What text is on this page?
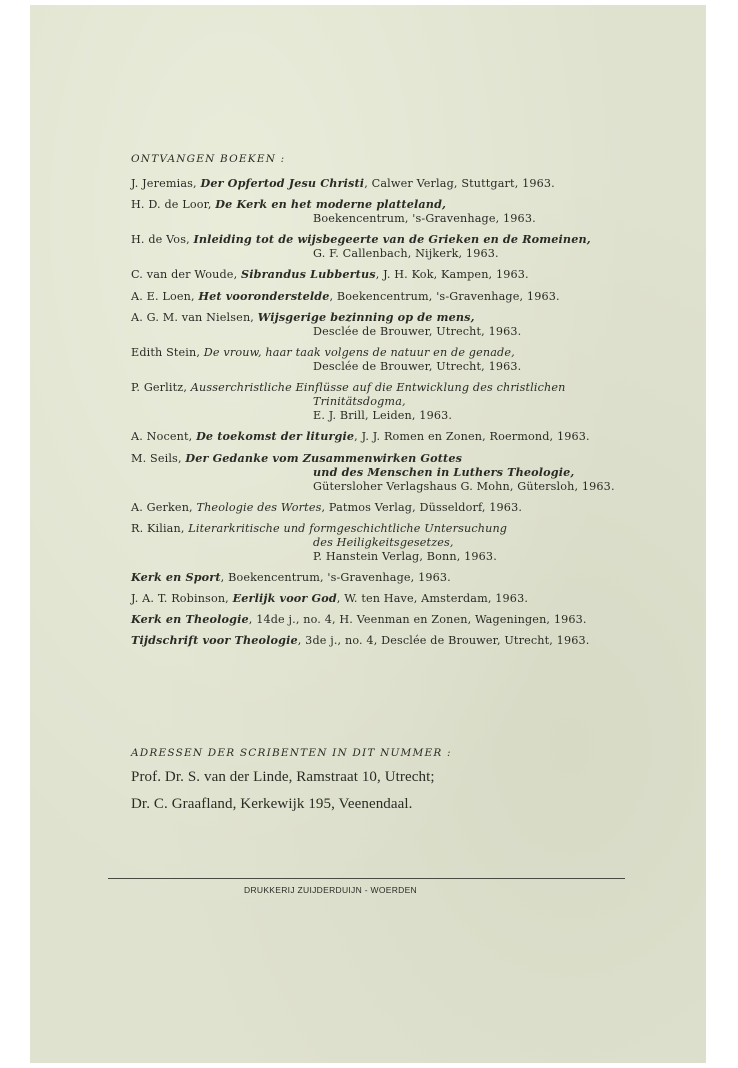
ONTVANGEN BOEKEN :
J. Jeremias, Der Opfertod Jesu Christi, Calwer Verlag, Stuttgart, 1963.
H. D. de Loor, De Kerk en het moderne platteland,
Boekencentrum, 's-Gravenhage, 1963.
H. de Vos, Inleiding tot de wijsbegeerte van de Grieken en de Romeinen,
G. F. Callenbach, Nijkerk, 1963.
C. van der Woude, Sibrandus Lubbertus, J. H. Kok, Kampen, 1963.
A. E. Loen, Het vooronderstelde, Boekencentrum, 's-Gravenhage, 1963.
A. G. M. van Nielsen, Wijsgerige bezinning op de mens,
Desclée de Brouwer, Utrecht, 1963.
Edith Stein, De vrouw, haar taak volgens de natuur en de genade,
Desclée de Brouwer, Utrecht, 1963.
P. Gerlitz, Ausserchristliche Einflüsse auf die Entwicklung des christlichen
Trinitätsdogma,
E. J. Brill, Leiden, 1963.
A. Nocent, De toekomst der liturgie, J. J. Romen en Zonen, Roermond, 1963.
M. Seils, Der Gedanke vom Zusammenwirken Gottes
und des Menschen in Luthers Theologie,
Gütersloher Verlagshaus G. Mohn, Gütersloh, 1963.
A. Gerken, Theologie des Wortes, Patmos Verlag, Düsseldorf, 1963.
R. Kilian, Literarkritische und formgeschichtliche Untersuchung
des Heiligkeitsgesetzes,
P. Hanstein Verlag, Bonn, 1963.
Kerk en Sport, Boekencentrum, 's-Gravenhage, 1963.
J. A. T. Robinson, Eerlijk voor God, W. ten Have, Amsterdam, 1963.
Kerk en Theologie, 14de j., no. 4, H. Veenman en Zonen, Wageningen, 1963.
Tijdschrift voor Theologie, 3de j., no. 4, Desclée de Brouwer, Utrecht, 1963.
ADRESSEN DER SCRIBENTEN IN DIT NUMMER :
Prof. Dr. S. van der Linde, Ramstraat 10, Utrecht;
Dr. C. Graafland, Kerkewijk 195, Veenendaal.
DRUKKERIJ ZUIJDERDUIJN - WOERDEN
